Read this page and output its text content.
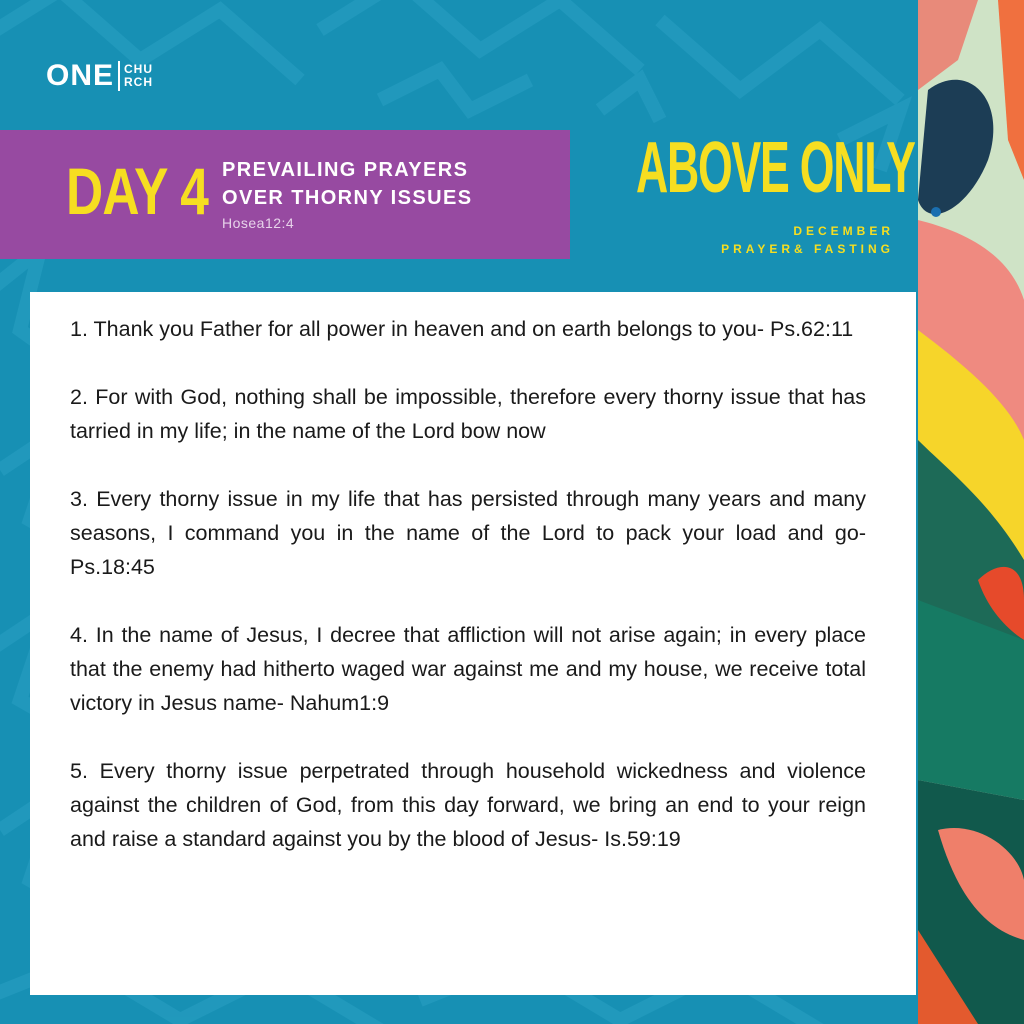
ONE CHU
RCH
DAY 4 PREVAILING PRAYERS
OVER THORNY ISSUES
Hosea12:4
ABOVE ONLY
DECEMBER
PRAYER& FASTING

1. Thank you Father for all power in heaven and on earth belongs to you- Ps.62:11

2. For with God, nothing shall be impossible, therefore every thorny issue that has tarried in my life; in the name of the Lord bow now

3. Every thorny issue in my life that has persisted through many years and many seasons, I command you in the name of the Lord to pack your load and go-Ps.18:45

4. In the name of Jesus, I decree that affliction will not arise again; in every place that the enemy had hitherto waged war against me and my house, we receive total victory in Jesus name- Nahum1:9

5. Every thorny issue perpetrated through household wickedness and violence against the children of God, from this day forward, we bring an end to your reign and raise a standard against you by the blood of Jesus- Is.59:19
